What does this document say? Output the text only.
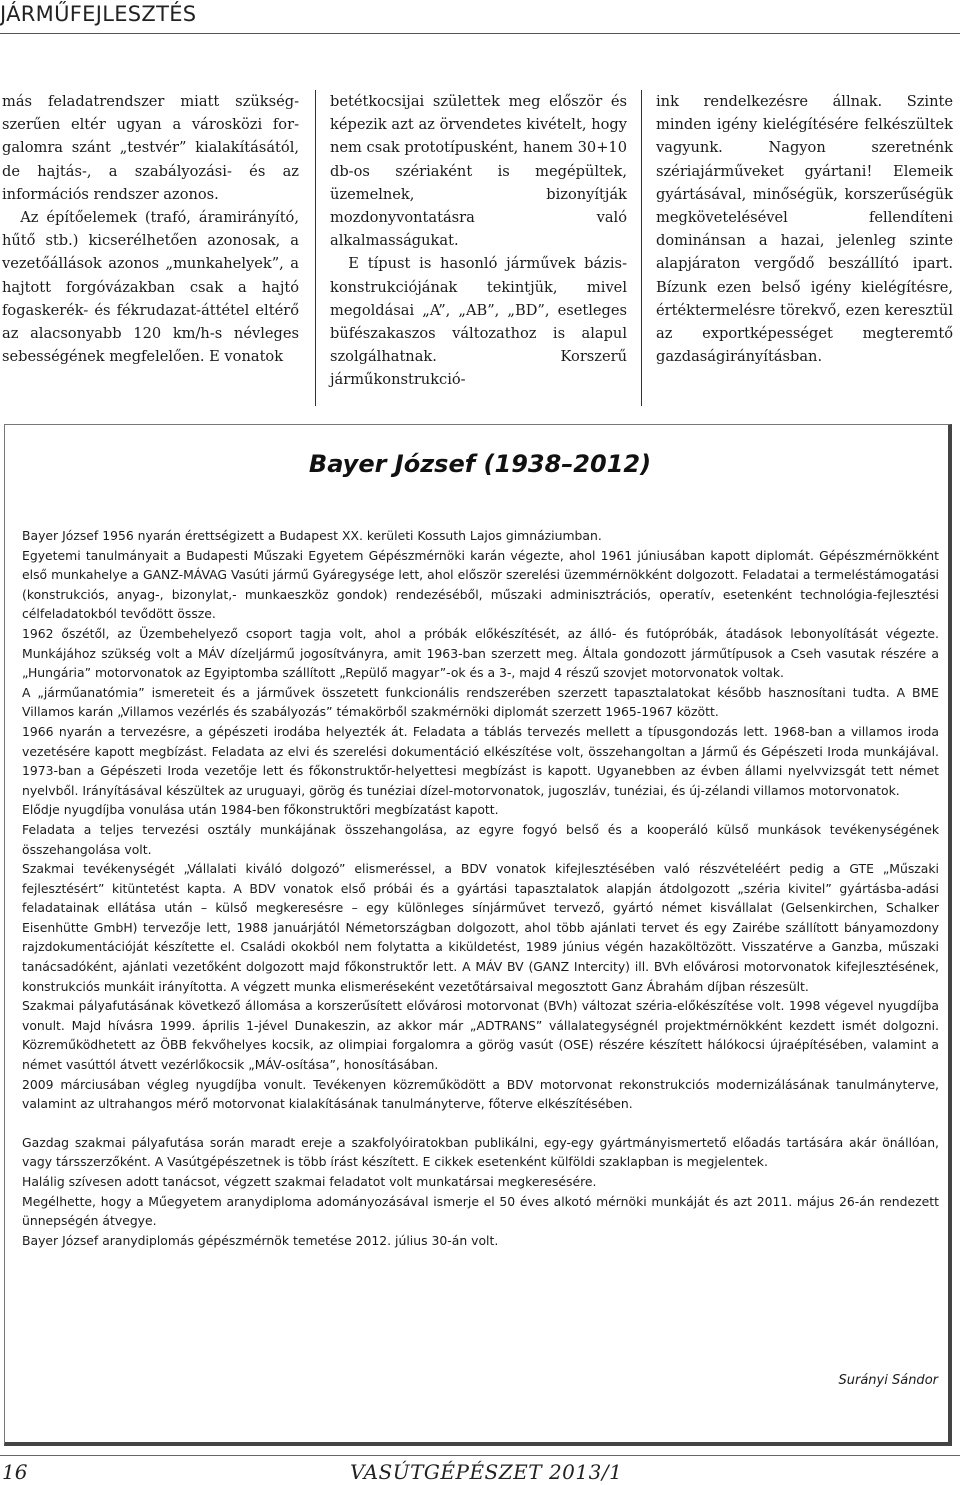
JÁRMŰFEJLESZTÉS

más feladatrendszer miatt szükségszerűen eltér ugyan a városközi forgalomra szánt „testvér” kialakításától, de hajtás-, a szabályozási- és az információs rendszer azonos.

Az építőelemek (trafó, áramirányító, hűtő stb.) kicserélhetően azonosak, a vezetőállások azonos „munkahelyek”, a hajtott forgóvázakban csak a hajtó fogaskerék- és fékrudazat-áttétel eltérő az alacsonyabb 120 km/h-s névleges sebességének megfelelően. E vonatok

betétkocsijai születtek meg először és képezik azt az örvendetes kivételt, hogy nem csak prototípusként, hanem 30+10 db-os szériaként is megépültek, üzemelnek, bizonyítják mozdonyvontatásra való alkalmasságukat.

E típust is hasonló járművek báziskonstrukciójának tekintjük, mivel megoldásai „A”, „AB”, „BD”, esetleges büfészakaszos változathoz is alapul szolgálhatnak. Korszerű járműkonstrukció-

ink rendelkezésre állnak. Szinte minden igény kielégítésére felkészültek vagyunk. Nagyon szeretnénk szériajárműveket gyártani! Elemeik gyártásával, minőségük, korszerűségük megkövetelésével fellendíteni dominánsan a hazai, jelenleg szinte alapjáraton vergődő beszállító ipart. Bízunk ezen belső igény kielégítésre, értéktermelésre törekvő, ezen keresztül az exportképességet megteremtő gazdaságirányításban.

Bayer József (1938–2012)

Bayer József 1956 nyarán érettségizett a Budapest XX. kerületi Kossuth Lajos gimnáziumban.

Egyetemi tanulmányait a Budapesti Műszaki Egyetem Gépészmérnöki karán végezte, ahol 1961 júniusában kapott diplomát. Gépészmérnökként első munkahelye a GANZ-MÁVAG Vasúti jármű Gyáregysége lett, ahol először szerelési üzemmérnökként dolgozott. Feladatai a termeléstámogatási (konstrukciós, anyag-, bizonylat,- munkaeszköz gondok) rendezéséből, műszaki adminisztrációs, operatív, esetenként technológia-fejlesztési célfeladatokból tevődött össze.

1962 őszétől, az Üzembehelyező csoport tagja volt, ahol a próbák előkészítését, az álló- és futópróbák, átadások lebonyolítását végezte. Munkájához szükség volt a MÁV dízeljármű jogosítványra, amit 1963-ban szerzett meg. Általa gondozott járműtípusok a Cseh vasutak részére a „Hungária” motorvonatok az Egyiptomba szállított „Repülő magyar”-ok és a 3-, majd 4 részű szovjet motorvonatok voltak.

A „járműanatómia” ismereteit és a járművek összetett funkcionális rendszerében szerzett tapasztalatokat később hasznosítani tudta. A BME Villamos karán „Villamos vezérlés és szabályozás” témakörből szakmérnöki diplomát szerzett 1965-1967 között.

1966 nyarán a tervezésre, a gépészeti irodába helyezték át. Feladata a táblás tervezés mellett a típusgondozás lett. 1968-ban a villamos iroda vezetésére kapott megbízást. Feladata az elvi és szerelési dokumentáció elkészítése volt, összehangoltan a Jármű és Gépészeti Iroda munkájával. 1973-ban a Gépészeti Iroda vezetője lett és főkonstruktőr-helyettesi megbízást is kapott. Ugyanebben az évben állami nyelvvizsgát tett német nyelvből. Irányításával készültek az uruguayi, görög és tunéziai dízel-motorvonatok, jugoszláv, tunéziai, és új-zélandi villamos motorvonatok.

Elődje nyugdíjba vonulása után 1984-ben főkonstruktőri megbízatást kapott.

Feladata a teljes tervezési osztály munkájának összehangolása, az egyre fogyó belső és a kooperáló külső munkások tevékenységének összehangolása volt.

Szakmai tevékenységét „Vállalati kiváló dolgozó” elismeréssel, a BDV vonatok kifejlesztésében való részvételéért pedig a GTE „Műszaki fejlesztésért” kitüntetést kapta. A BDV vonatok első próbái és a gyártási tapasztalatok alapján átdolgozott „széria kivitel” gyártásba-adási feladatainak ellátása után – külső megkeresésre – egy különleges sínjárművet tervező, gyártó német kisvállalat (Gelsenkirchen, Schalker Eisenhütte GmbH) tervezője lett, 1988 januárjától Németországban dolgozott, ahol több ajánlati tervet és egy Zairébe szállított bányamozdony rajzdokumentációját készítette el. Családi okokból nem folytatta a kiküldetést, 1989 június végén hazaköltözött. Visszatérve a Ganzba, műszaki tanácsadóként, ajánlati vezetőként dolgozott majd főkonstruktőr lett. A MÁV BV (GANZ Intercity) ill. BVh elővárosi motorvonatok kifejlesztésének, konstrukciós munkáit irányította. A végzett munka elismeréseként vezetőtársaival megosztott Ganz Ábrahám díjban részesült.

Szakmai pályafutásának következő állomása a korszerűsített elővárosi motorvonat (BVh) változat széria-előkészítése volt. 1998 végevel nyugdíjba vonult. Majd hívásra 1999. április 1-jével Dunakeszin, az akkor már „ADTRANS” vállalategységnél projektmérnökként kezdett ismét dolgozni. Közreműködhetett az ÖBB fekvőhelyes kocsik, az olimpiai forgalomra a görög vasút (OSE) részére készített hálókocsi újraépítésében, valamint a német vasúttól átvett vezérlőkocsik „MÁV-osítása”, honosításában.

2009 márciusában végleg nyugdíjba vonult. Tevékenyen közreműködött a BDV motorvonat rekonstrukciós modernizálásának tanulmányterve, valamint az ultrahangos mérő motorvonat kialakításának tanulmányterve, főterve elkészítésében.

Gazdag szakmai pályafutása során maradt ereje a szakfolyóiratokban publikálni, egy-egy gyártmányismertető előadás tartására akár önállóan, vagy társszerzőként. A Vasútgépészetnek is több írást készített. E cikkek esetenként külföldi szaklapban is megjelentek.

Halálig szívesen adott tanácsot, végzett szakmai feladatot volt munkatársai megkeresésére.

Megélhette, hogy a Műegyetem aranydiploma adományozásával ismerje el 50 éves alkotó mérnöki munkáját és azt 2011. május 26-án rendezett ünnepségén átvegye.

Bayer József aranydiplomás gépészmérnök temetése 2012. július 30-án volt.

Surányi Sándor
16	VASÚTGÉPÉSZET 2013/1
